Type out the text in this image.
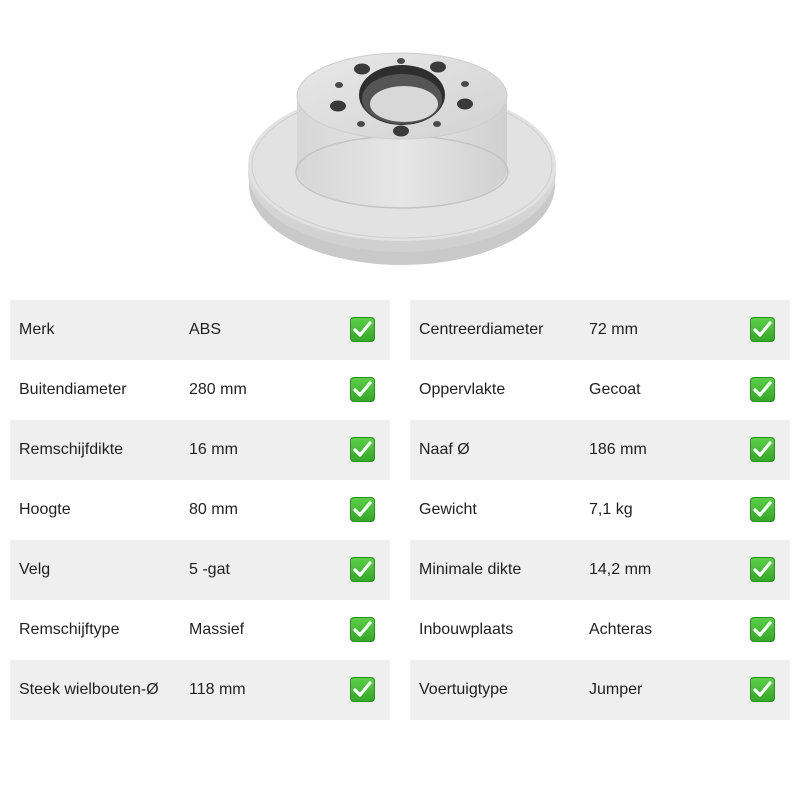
Merk	ABS
Buitendiameter	280 mm
Remschijfdikte	16 mm
Hoogte	80 mm
Velg	5 -gat
Remschijftype	Massief
Steek wielbouten-Ø 118 mm
Centreerdiameter	72 mm
Oppervlakte	Gecoat
Naaf Ø	186 mm
Gewicht	7,1 kg
Minimale dikte	14,2 mm
Inbouwplaats	Achteras
Voertuigtype	Jumper
